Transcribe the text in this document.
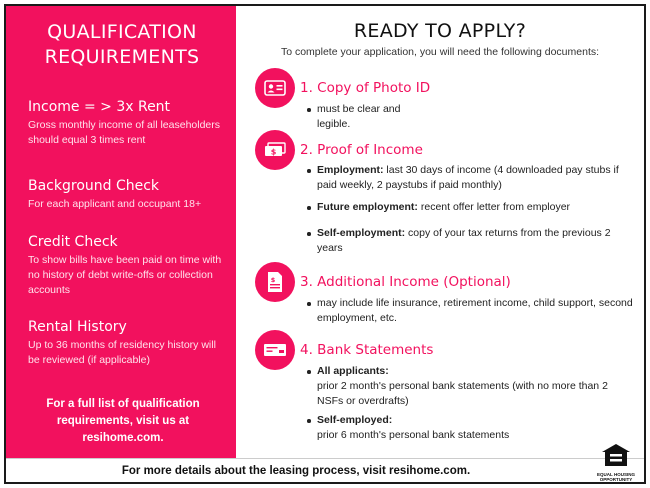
QUALIFICATION
REQUIREMENTS
Income = > 3x Rent
Gross monthly income of all leaseholders should equal 3 times rent
Background Check
For each applicant and occupant 18+
Credit Check
To show bills have been paid on time with no history of debt write-offs or collection accounts
Rental History
Up to 36 months of residency history will be reviewed (if applicable)
For a full list of qualification requirements, visit us at resihome.com.
READY TO APPLY?
To complete your application, you will need the following documents:
1. Copy of Photo ID
must be clear and legible.
$ 2. Proof of Income
Employment: last 30 days of income (4 downloaded pay stubs if paid weekly, 2 paystubs if paid monthly)
Future employment: recent offer letter from employer
Self-employment: copy of your tax returns from the previous 2 years
$ 3. Additional Income (Optional)
may include life insurance, retirement income, child support, second employment, etc.
4. Bank Statements
All applicants:
prior 2 month's personal bank statements (with no more than 2 NSFs or overdrafts)
Self-employed:
prior 6 month's personal bank statements
For more details about the leasing process, visit resihome.com.	EQUAL HOUSING
OPPORTUNITY
